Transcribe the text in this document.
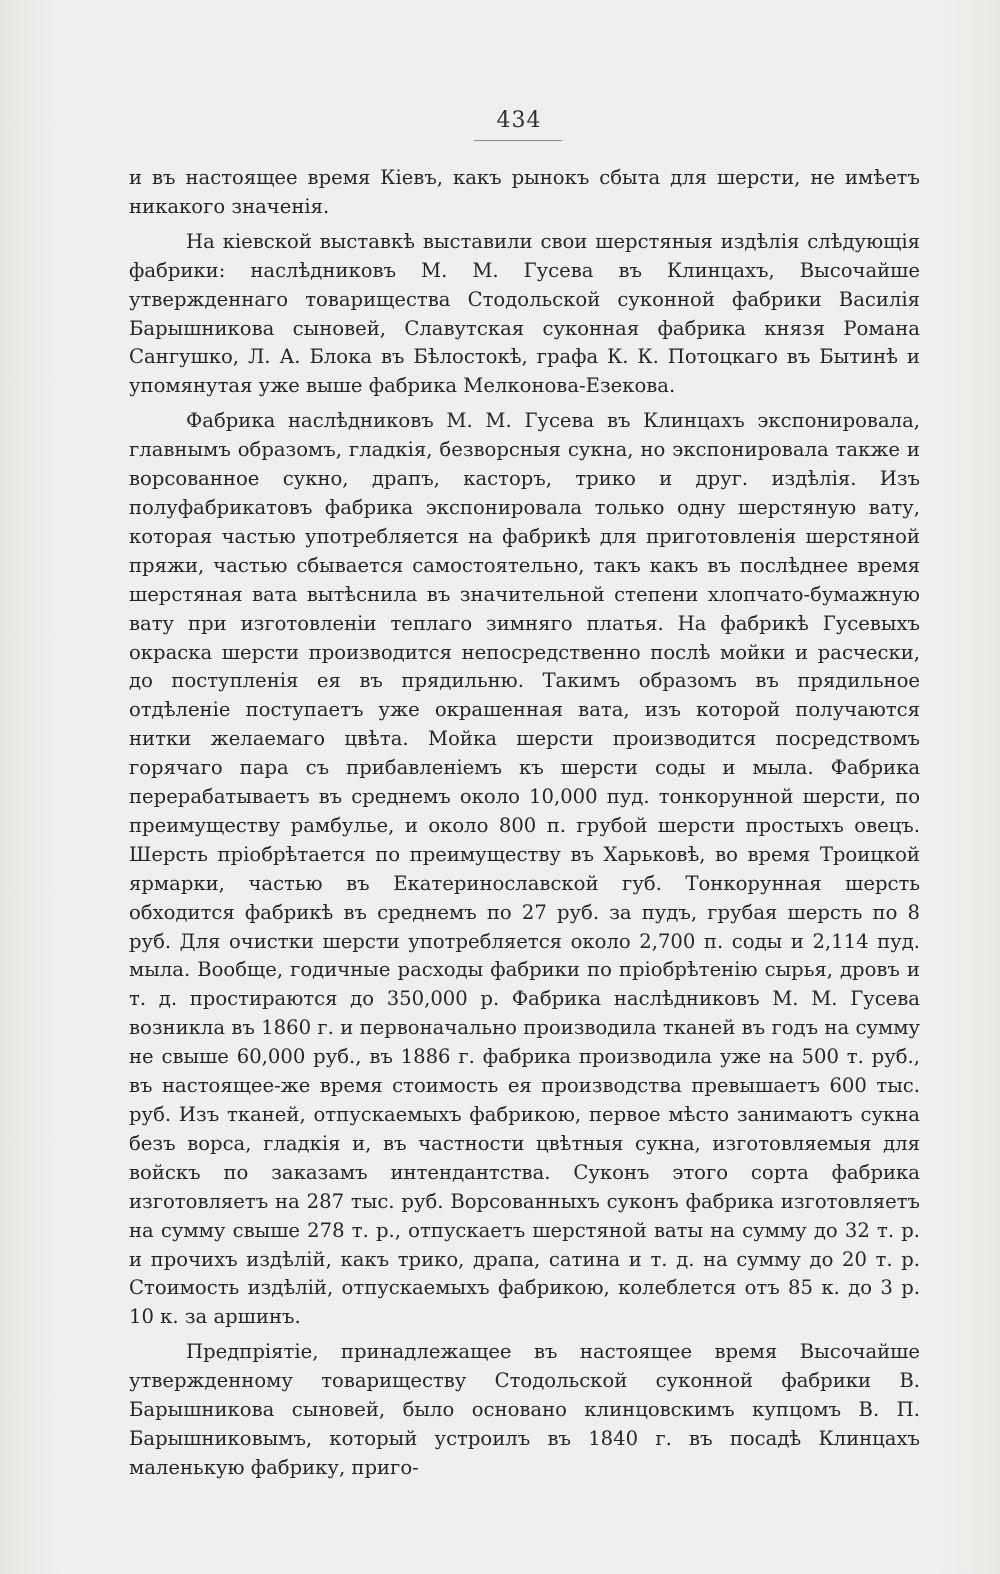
434

и въ настоящее время Кіевъ, какъ рынокъ сбыта для шерсти, не имѣетъ никакого значенія.

На кіевской выставкѣ выставили свои шерстяныя издѣлія слѣдующія фабрики: наслѣдниковъ М. М. Гусева въ Клинцахъ, Высочайше утвержденнаго товарищества Стодольской суконной фабрики Василія Барышникова сыновей, Славутская суконная фабрика князя Романа Сангушко, Л. А. Блока въ Бѣлостокѣ, графа К. К. Потоцкаго въ Бытинѣ и упомянутая уже выше фабрика Мелконова-Езекова.

Фабрика наслѣдниковъ М. М. Гусева въ Клинцахъ экспонировала, главнымъ образомъ, гладкія, безворсныя сукна, но экспонировала также и ворсованное сукно, драпъ, касторъ, трико и друг. издѣлія. Изъ полуфабрикатовъ фабрика экспонировала только одну шерстяную вату, которая частью употребляется на фабрикѣ для приготовленія шерстяной пряжи, частью сбывается самостоятельно, такъ какъ въ послѣднее время шерстяная вата вытѣснила въ значительной степени хлопчато-бумажную вату при изготовленіи теплаго зимняго платья. На фабрикѣ Гусевыхъ окраска шерсти производится непосредственно послѣ мойки и расчески, до поступленія ея въ прядильню. Такимъ образомъ въ прядильное отдѣленіе поступаетъ уже окрашенная вата, изъ которой получаются нитки желаемаго цвѣта. Мойка шерсти производится посредствомъ горячаго пара съ прибавленіемъ къ шерсти соды и мыла. Фабрика перерабатываетъ въ среднемъ около 10,000 пуд. тонкорунной шерсти, по преимуществу рамбулье, и около 800 п. грубой шерсти простыхъ овецъ. Шерсть пріобрѣтается по преимуществу въ Харьковѣ, во время Троицкой ярмарки, частью въ Екатеринославской губ. Тонкорунная шерсть обходится фабрикѣ въ среднемъ по 27 руб. за пудъ, грубая шерсть по 8 руб. Для очистки шерсти употребляется около 2,700 п. соды и 2,114 пуд. мыла. Вообще, годичные расходы фабрики по пріобрѣтенію сырья, дровъ и т. д. простираются до 350,000 р. Фабрика наслѣдниковъ М. М. Гусева возникла въ 1860 г. и первоначально производила тканей въ годъ на сумму не свыше 60,000 руб., въ 1886 г. фабрика производила уже на 500 т. руб., въ настоящее-же время стоимость ея производства превышаетъ 600 тыс. руб. Изъ тканей, отпускаемыхъ фабрикою, первое мѣсто занимаютъ сукна безъ ворса, гладкія и, въ частности цвѣтныя сукна, изготовляемыя для войскъ по заказамъ интендантства. Суконъ этого сорта фабрика изготовляетъ на 287 тыс. руб. Ворсованныхъ суконъ фабрика изготовляетъ на сумму свыше 278 т. р., отпускаетъ шерстяной ваты на сумму до 32 т. р. и прочихъ издѣлій, какъ трико, драпа, сатина и т. д. на сумму до 20 т. р. Стоимость издѣлій, отпускаемыхъ фабрикою, колеблется отъ 85 к. до 3 р. 10 к. за аршинъ.

Предпріятіе, принадлежащее въ настоящее время Высочайше утвержденному товариществу Стодольской суконной фабрики В. Барышникова сыновей, было основано клинцовскимъ купцомъ В. П. Барышниковымъ, который устроилъ въ 1840 г. въ посадѣ Клинцахъ маленькую фабрику, приго-
